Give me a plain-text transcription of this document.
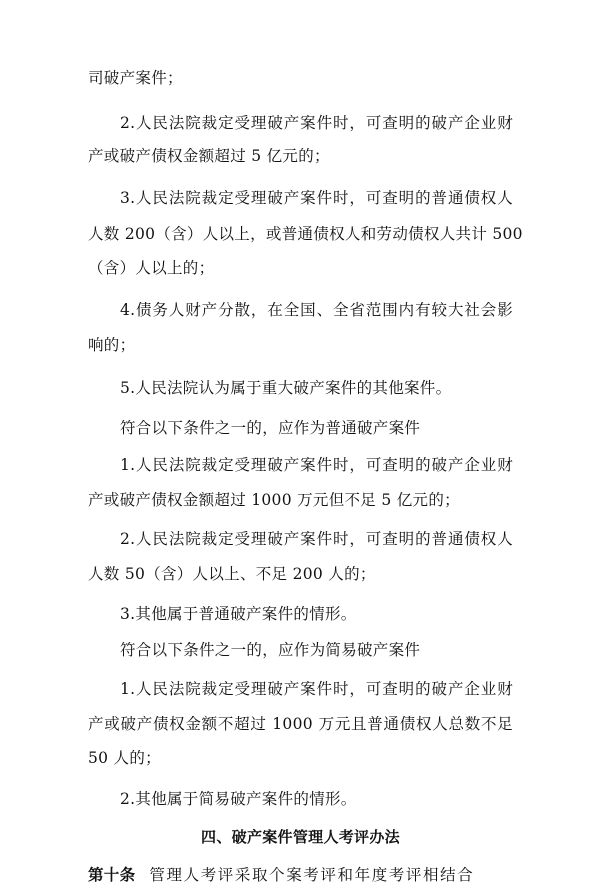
司破产案件；
2.人民法院裁定受理破产案件时，可查明的破产企业财
产或破产债权金额超过 5 亿元的；
3.人民法院裁定受理破产案件时，可查明的普通债权人
人数 200（含）人以上，或普通债权人和劳动债权人共计 500
（含）人以上的；
4.债务人财产分散，在全国、全省范围内有较大社会影
响的；
5.人民法院认为属于重大破产案件的其他案件。
符合以下条件之一的，应作为普通破产案件
1.人民法院裁定受理破产案件时，可查明的破产企业财
产或破产债权金额超过 1000 万元但不足 5 亿元的；
2.人民法院裁定受理破产案件时，可查明的普通债权人
人数 50（含）人以上、不足 200 人的；
3.其他属于普通破产案件的情形。
符合以下条件之一的，应作为简易破产案件
1.人民法院裁定受理破产案件时，可查明的破产企业财
产或破产债权金额不超过 1000 万元且普通债权人总数不足
50 人的；
2.其他属于简易破产案件的情形。
四、破产案件管理人考评办法
第十条 管理人考评采取个案考评和年度考评相结合
